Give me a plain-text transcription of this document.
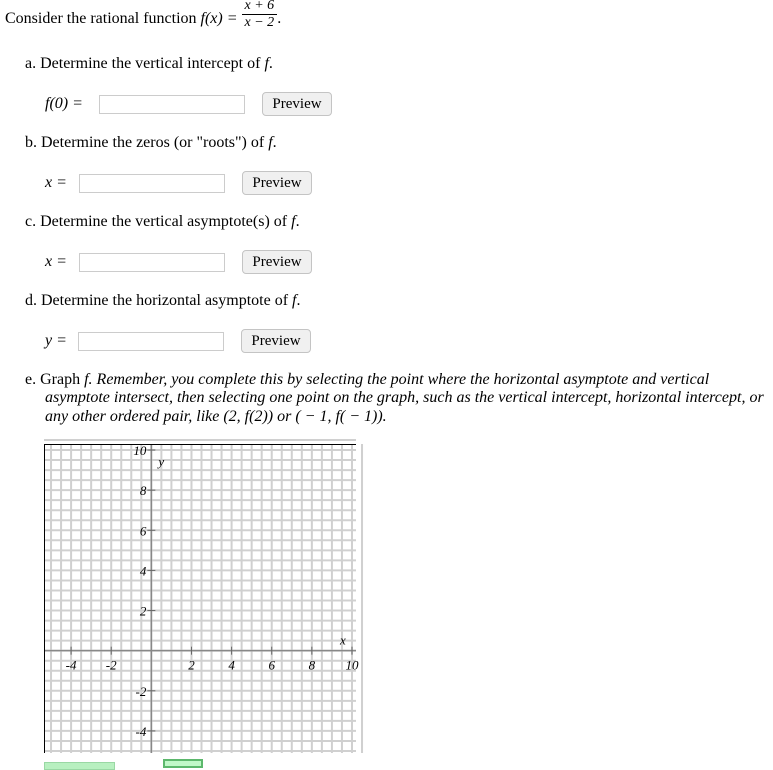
Consider the rational function $f(x) = \frac{x + 6}{x - 2}$ .
a. Determine the vertical intercept of f.
f(0) =	Preview
b. Determine the zeros (or "roots") of f.
x =	Preview
c. Determine the vertical asymptote(s) of f.
x =	Preview
d. Determine the horizontal asymptote of f.
y =	Preview
e. Graph f. Remember, you complete this by selecting the point where the horizontal asymptote and vertical
asymptote intersect, then selecting one point on the graph, such as the vertical intercept, horizontal intercept, or
any other ordered pair, like (2, f(2)) or ( − 1, f( − 1)).
-4 -2	2	4	6	8 10
10
8
6
4
2
-2
-4
x
y
